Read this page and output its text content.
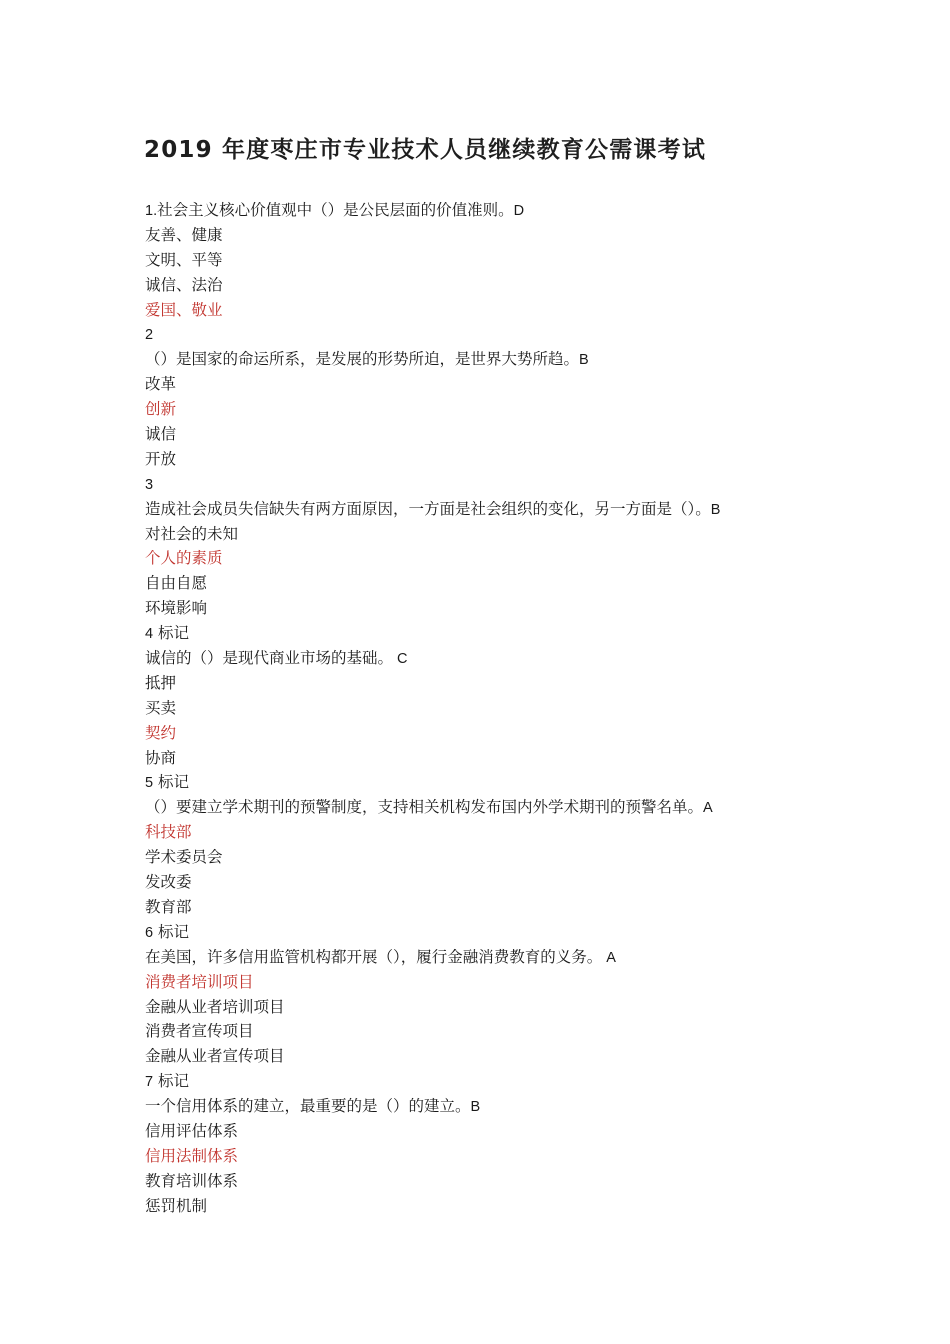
2019 年度枣庄市专业技术人员继续教育公需课考试
1.社会主义核心价值观中（）是公民层面的价值准则。D
友善、健康
文明、平等
诚信、法治
爱国、敬业
2
（）是国家的命运所系，是发展的形势所迫，是世界大势所趋。B
改革
创新
诚信
开放
3
造成社会成员失信缺失有两方面原因，一方面是社会组织的变化，另一方面是（）。B
对社会的未知
个人的素质
自由自愿
环境影响
4 标记
诚信的（）是现代商业市场的基础。 C
抵押
买卖
契约
协商
5 标记
（）要建立学术期刊的预警制度，支持相关机构发布国内外学术期刊的预警名单。A
科技部
学术委员会
发改委
教育部
6 标记
在美国，许多信用监管机构都开展（），履行金融消费教育的义务。 A
消费者培训项目
金融从业者培训项目
消费者宣传项目
金融从业者宣传项目
7 标记
一个信用体系的建立，最重要的是（）的建立。B
信用评估体系
信用法制体系
教育培训体系
惩罚机制
